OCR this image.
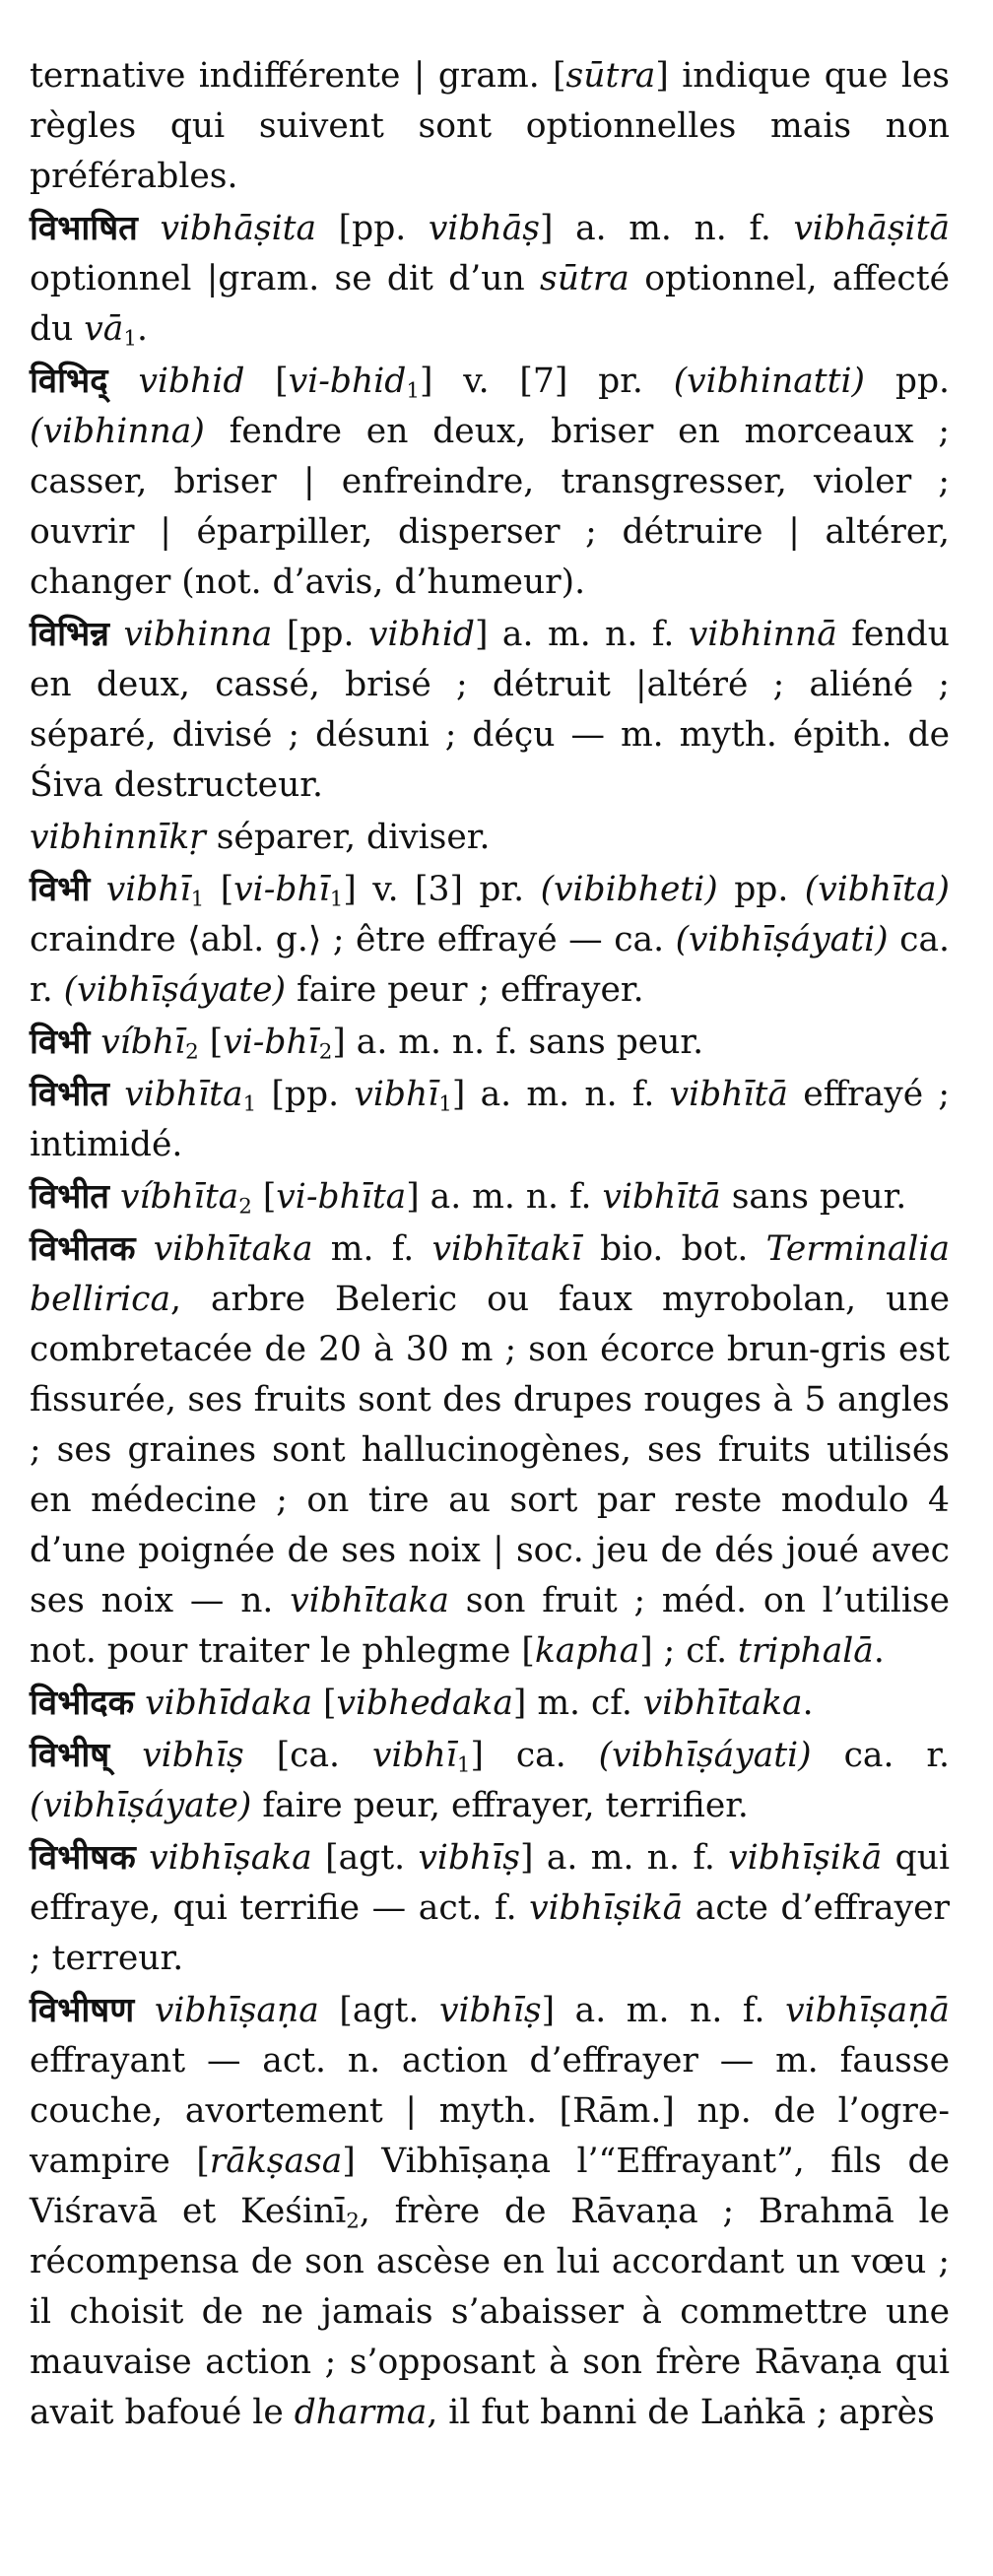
ternative indifférente | gram. [sūtra] indique que les règles qui suivent sont optionnelles mais non préférables.

विभाषित vibhāṣita [pp. vibhāṣ] a. m. n. f. vibhāṣitā optionnel |gram. se dit d’un sūtra optionnel, affecté du $vā_1$.

विभिद् vibhid [vi-bhid$_1$] v. [7] pr. (vibhinatti) pp. (vibhinna) fendre en deux, briser en morceaux ; casser, briser | enfreindre, transgresser, violer ; ouvrir | éparpiller, disperser ; détruire | altérer, changer (not. d’avis, d’humeur).

विभिन्न vibhinna [pp. vibhid] a. m. n. f. vibhinnā fendu en deux, cassé, brisé ; détruit |altéré ; aliéné ; séparé, divisé ; désuni ; déçu — m. myth. épith. de Śiva destructeur.

vibhinnīkṛ séparer, diviser.

विभी vibhī$_1$ [vi-bhī$_1$] v. [3] pr. (vibibheti) pp. (vibhīta) craindre ⟨abl. g.⟩ ; être effrayé — ca. (vibhīṣáyati) ca. r. (vibhīṣáyate) faire peur ; effrayer.

विभी víbhī$_2$ [vi-bhī$_2$] a. m. n. f. sans peur.

विभीत vibhīta$_1$ [pp. vibhī$_1$] a. m. n. f. vibhītā effrayé ; intimidé.

विभीत víbhīta$_2$ [vi-bhīta] a. m. n. f. vibhītā sans peur.

विभीतक vibhītaka m. f. vibhītakī bio. bot. Terminalia bellirica, arbre Beleric ou faux myrobolan, une combretacée de 20 à 30 m ; son écorce brun-gris est fissurée, ses fruits sont des drupes rouges à 5 angles ; ses graines sont hallucinogènes, ses fruits utilisés en médecine ; on tire au sort par reste modulo 4 d’une poignée de ses noix | soc. jeu de dés joué avec ses noix — n. vibhītaka son fruit ; méd. on l’utilise not. pour traiter le phlegme [kapha] ; cf. triphalā.

विभीदक vibhīdaka [vibhedaka] m. cf. vibhītaka.

विभीष् vibhīṣ [ca. vibhī$_1$] ca. (vibhīṣáyati) ca. r. (vibhīṣáyate) faire peur, effrayer, terrifier.

विभीषक vibhīṣaka [agt. vibhīṣ] a. m. n. f. vibhīṣikā qui effraye, qui terrifie — act. f. vibhīṣikā acte d’effrayer ; terreur.

विभीषण vibhīṣaṇa [agt. vibhīṣ] a. m. n. f. vibhīṣaṇā effrayant — act. n. action d’effrayer — m. fausse couche, avortement | myth. [Rām.] np. de l’ogre-vampire [rākṣasa] Vibhīṣaṇa l’“Effrayant”, fils de Viśravā et Keśinī$_2$, frère de Rāvaṇa ; Brahmā le récompensa de son ascèse en lui accordant un vœu ; il choisit de ne jamais s’abaisser à commettre une mauvaise action ; s’opposant à son frère Rāvaṇa qui avait bafoué le dharma, il fut banni de Laṅkā ; après
